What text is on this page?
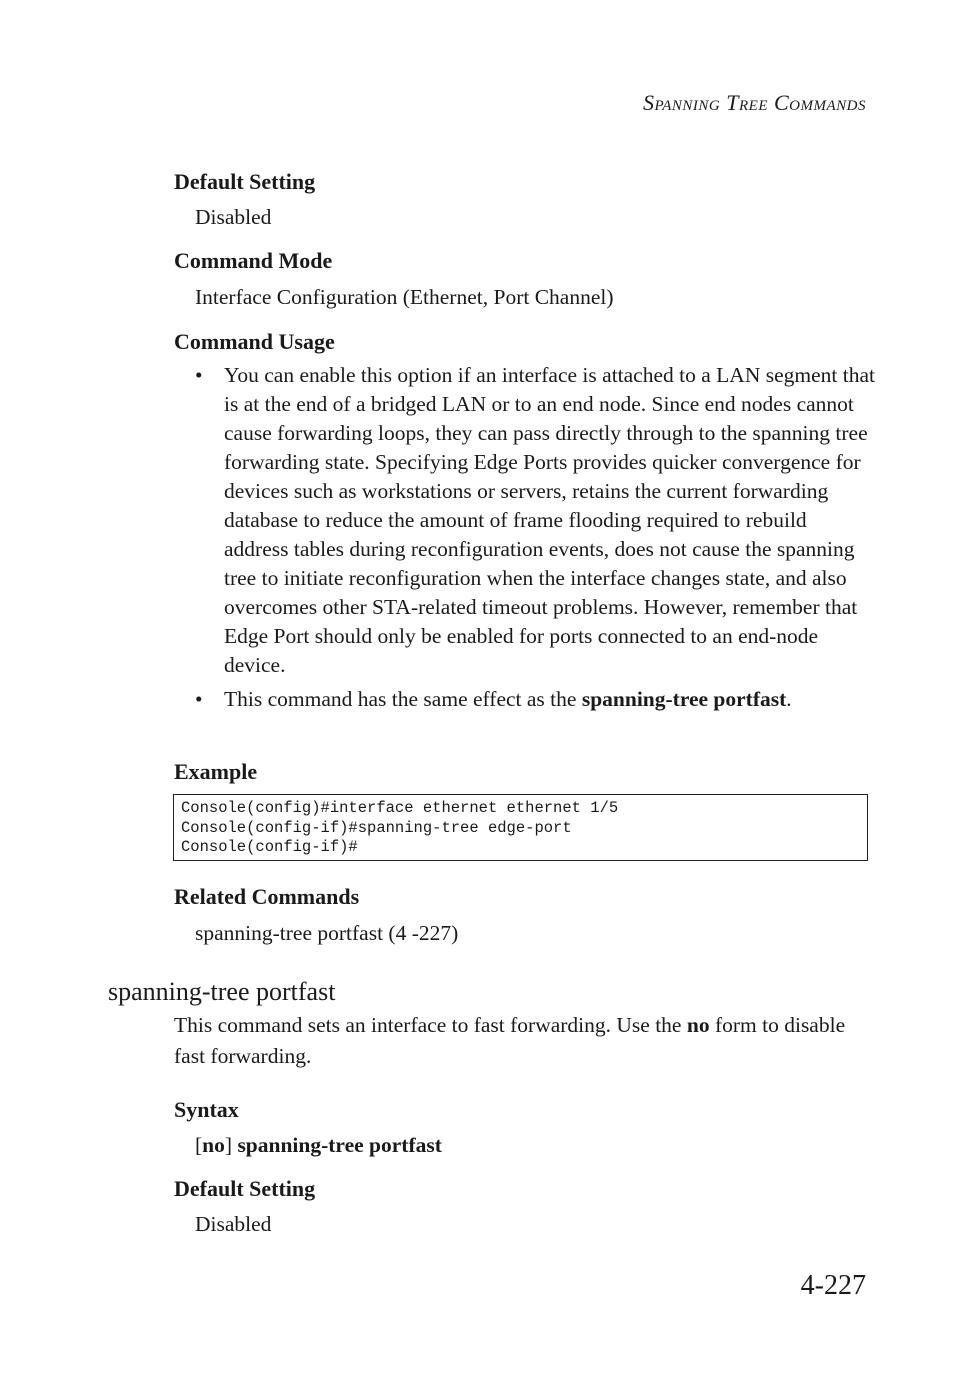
Spanning Tree Commands
Default Setting
Disabled
Command Mode
Interface Configuration (Ethernet, Port Channel)
Command Usage
• You can enable this option if an interface is attached to a LAN segment that is at the end of a bridged LAN or to an end node. Since end nodes cannot cause forwarding loops, they can pass directly through to the spanning tree forwarding state. Specifying Edge Ports provides quicker convergence for devices such as workstations or servers, retains the current forwarding database to reduce the amount of frame flooding required to rebuild address tables during reconfiguration events, does not cause the spanning tree to initiate reconfiguration when the interface changes state, and also overcomes other STA-related timeout problems. However, remember that Edge Port should only be enabled for ports connected to an end-node device.
• This command has the same effect as the spanning-tree portfast.
Example
Console(config)#interface ethernet ethernet 1/5
Console(config-if)#spanning-tree edge-port
Console(config-if)#
Related Commands
spanning-tree portfast (4 -227)
spanning-tree portfast
This command sets an interface to fast forwarding. Use the no form to disable fast forwarding.
Syntax
[no] spanning-tree portfast
Default Setting
Disabled
4-227
